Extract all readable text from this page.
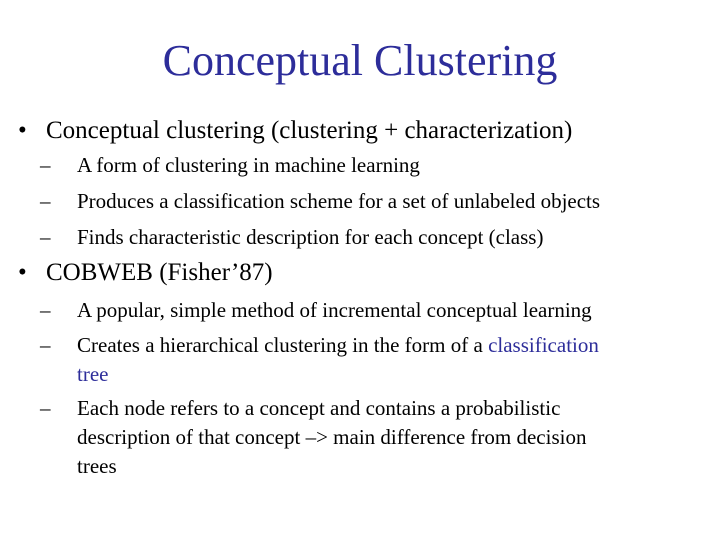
Conceptual Clustering
• Conceptual clustering (clustering + characterization)
– A form of clustering in machine learning
– Produces a classification scheme for a set of unlabeled objects
– Finds characteristic description for each concept (class)
• COBWEB (Fisher’87)
– A popular, simple method of incremental conceptual learning
– Creates a hierarchical clustering in the form of a classification
tree
– Each node refers to a concept and contains a probabilistic
description of that concept –> main difference from decision
trees
